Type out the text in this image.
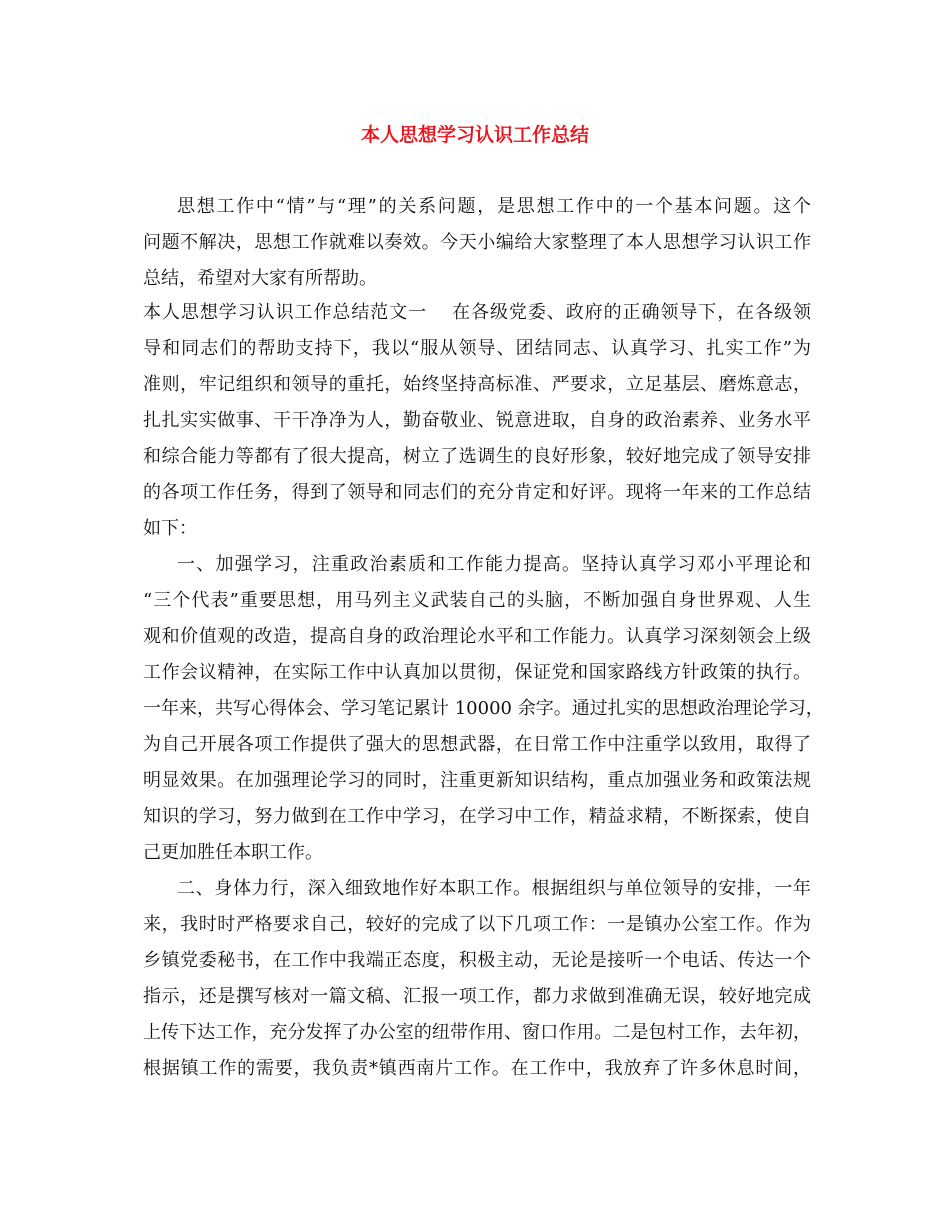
本人思想学习认识工作总结
思想工作中“情”与“理”的关系问题，是思想工作中的一个基本问题。这个
问题不解决，思想工作就难以奏效。今天小编给大家整理了本人思想学习认识工作
总结，希望对大家有所帮助。
本人思想学习认识工作总结范文一 在各级党委、政府的正确领导下，在各级领
导和同志们的帮助支持下，我以“服从领导、团结同志、认真学习、扎实工作”为
准则，牢记组织和领导的重托，始终坚持高标准、严要求，立足基层、磨炼意志，
扎扎实实做事、干干净净为人，勤奋敬业、锐意进取，自身的政治素养、业务水平
和综合能力等都有了很大提高，树立了选调生的良好形象，较好地完成了领导安排
的各项工作任务，得到了领导和同志们的充分肯定和好评。现将一年来的工作总结
如下：
一、加强学习，注重政治素质和工作能力提高。坚持认真学习邓小平理论和
“三个代表”重要思想，用马列主义武装自己的头脑，不断加强自身世界观、人生
观和价值观的改造，提高自身的政治理论水平和工作能力。认真学习深刻领会上级
工作会议精神，在实际工作中认真加以贯彻，保证党和国家路线方针政策的执行。
一年来，共写心得体会、学习笔记累计 10000 余字。通过扎实的思想政治理论学习，
为自己开展各项工作提供了强大的思想武器，在日常工作中注重学以致用，取得了
明显效果。在加强理论学习的同时，注重更新知识结构，重点加强业务和政策法规
知识的学习，努力做到在工作中学习，在学习中工作，精益求精，不断探索，使自
己更加胜任本职工作。
二、身体力行，深入细致地作好本职工作。根据组织与单位领导的安排，一年
来，我时时严格要求自己，较好的完成了以下几项工作：一是镇办公室工作。作为
乡镇党委秘书，在工作中我端正态度，积极主动，无论是接听一个电话、传达一个
指示，还是撰写核对一篇文稿、汇报一项工作，都力求做到准确无误，较好地完成
上传下达工作，充分发挥了办公室的纽带作用、窗口作用。二是包村工作，去年初，
根据镇工作的需要，我负责*镇西南片工作。在工作中，我放弃了许多休息时间，
